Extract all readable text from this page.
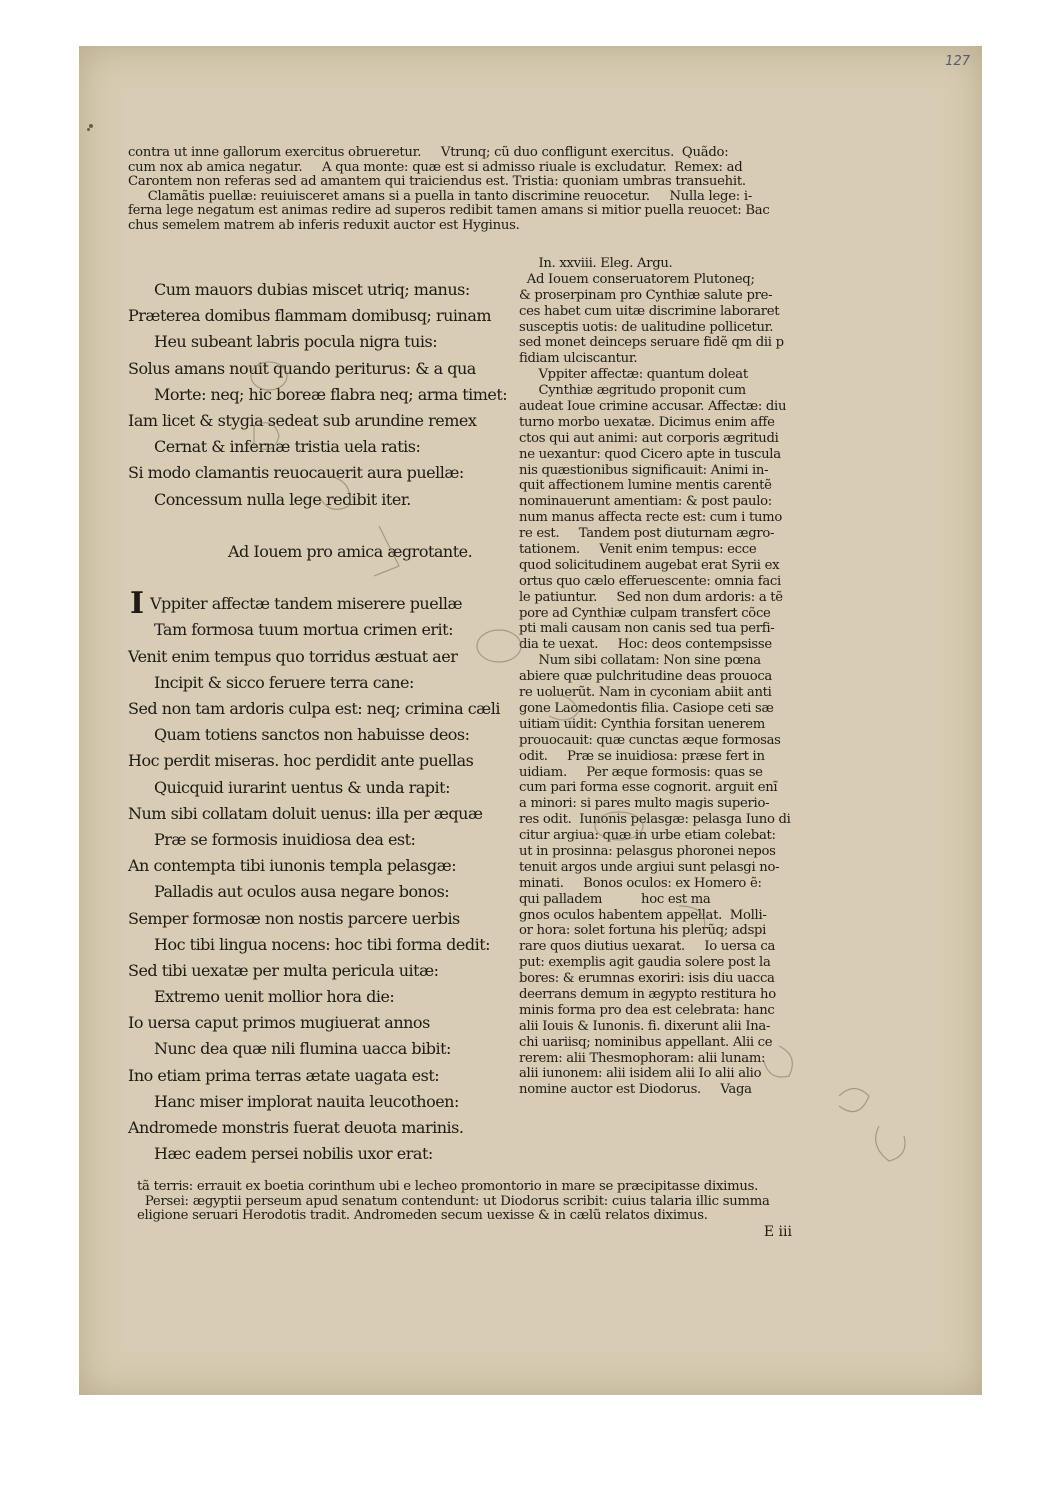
127
contra ut inne gallorum exercitus obrueretur.     Vtrunq; cũ duo confligunt exercitus.  Quãdo:
cum nox ab amica negatur.     A qua monte: quæ est si admisso riuale is excludatur.  Remex: ad
Carontem non referas sed ad amantem qui traiciendus est. Tristia: quoniam umbras transuehit.
Clamãtis puellæ: reuiuisceret amans si a puella in tanto discrimine reuocetur.     Nulla lege: i-
ferna lege negatum est animas redire ad superos redibit tamen amans si mitior puella reuocet: Bac
chus semelem matrem ab inferis reduxit auctor est Hyginus.
Cum mauors dubias miscet utriq; manus:
Præterea domibus flammam domibusq; ruinam
Heu subeant labris pocula nigra tuis:
Solus amans nouit quando periturus: & a qua
Morte: neq; hic boreæ flabra neq; arma timet:
Iam licet & stygia sedeat sub arundine remex
Cernat & infernæ tristia uela ratis:
Si modo clamantis reuocauerit aura puellæ:
Concessum nulla lege redibit iter.
Ad Iouem pro amica ægrotante.
I Vppiter affectæ tandem miserere puellæ
Tam formosa tuum mortua crimen erit:
Venit enim tempus quo torridus æstuat aer
Incipit & sicco feruere terra cane:
Sed non tam ardoris culpa est: neq; crimina cæli
Quam totiens sanctos non habuisse deos:
Hoc perdit miseras. hoc perdidit ante puellas
Quicquid iurarint uentus & unda rapit:
Num sibi collatam doluit uenus: illa per æquæ
Præ se formosis inuidiosa dea est:
An contempta tibi iunonis templa pelasgæ:
Palladis aut oculos ausa negare bonos:
Semper formosæ non nostis parcere uerbis
Hoc tibi lingua nocens: hoc tibi forma dedit:
Sed tibi uexatæ per multa pericula uitæ:
Extremo uenit mollior hora die:
Io uersa caput primos mugiuerat annos
Nunc dea quæ nili flumina uacca bibit:
Ino etiam prima terras ætate uagata est:
Hanc miser implorat nauita leucothoen:
Andromede monstris fuerat deuota marinis.
Hæc eadem persei nobilis uxor erat:
In. xxviii. Eleg. Argu.
Ad Iouem conseruatorem Plutoneq;
& proserpinam pro Cynthiæ salute pre-
ces habet cum uitæ discrimine laboraret
susceptis uotis: de ualitudine pollicetur.
sed monet deinceps seruare fidẽ qm dii p
fidiam ulciscantur.
Vppiter affectæ: quantum doleat
Cynthiæ ægritudo proponit cum
audeat Ioue crimine accusar. Affectæ: diu
turno morbo uexatæ. Dicimus enim affe
ctos qui aut animi: aut corporis ægritudi
ne uexantur: quod Cicero apte in tuscula
nis quæstionibus significauit: Animi in-
quit affectionem lumine mentis carentẽ
nominauerunt amentiam: & post paulo:
num manus affecta recte est: cum i tumo
re est.     Tandem post diuturnam ægro-
tationem.     Venit enim tempus: ecce
quod solicitudinem augebat erat Syrii ex
ortus quo cælo efferuescente: omnia faci
le patiuntur.     Sed non dum ardoris: a tẽ
pore ad Cynthiæ culpam transfert cõce
pti mali causam non canis sed tua perfi-
dia te uexat.     Hoc: deos contempsisse
Num sibi collatam: Non sine pœna
abiere quæ pulchritudine deas prouoca
re uoluerũt. Nam in cyconiam abiit anti
gone Laomedontis filia. Casiope ceti sæ
uitiam uidit: Cynthia forsitan uenerem
prouocauit: quæ cunctas æque formosas
odit.     Præ se inuidiosa: præse fert in
uidiam.     Per æque formosis: quas se
cum pari forma esse cognorit. arguit enĩ
a minori: si pares multo magis superio-
res odit.  Iunonis pelasgæ: pelasga Iuno di
citur argiua: quæ in urbe etiam colebat:
ut in prosinna: pelasgus phoronei nepos
tenuit argos unde argiui sunt pelasgi no-
minati.     Bonos oculos: ex Homero ẽ:
qui palladem          hoc est ma
gnos oculos habentem appellat.  Molli-
or hora: solet fortuna his plerũq; adspi
rare quos diutius uexarat.     Io uersa ca
put: exemplis agit gaudia solere post la
bores: & erumnas exoriri: isis diu uacca
deerrans demum in ægypto restitura ho
minis forma pro dea est celebrata: hanc
alii Iouis & Iunonis. fi. dixerunt alii Ina-
chi uariisq; nominibus appellant. Alii ce
rerem: alii Thesmophoram: alii lunam:
alii iunonem: alii isidem alii Io alii alio
nomine auctor est Diodorus.     Vaga
tã terris: errauit ex boetia corinthum ubi e lecheo promontorio in mare se præcipitasse diximus.
Persei: ægyptii perseum apud senatum contendunt: ut Diodorus scribit: cuius talaria illic summa
eligione seruari Herodotis tradit. Andromeden secum uexisse & in cælũ relatos diximus.
E iii
